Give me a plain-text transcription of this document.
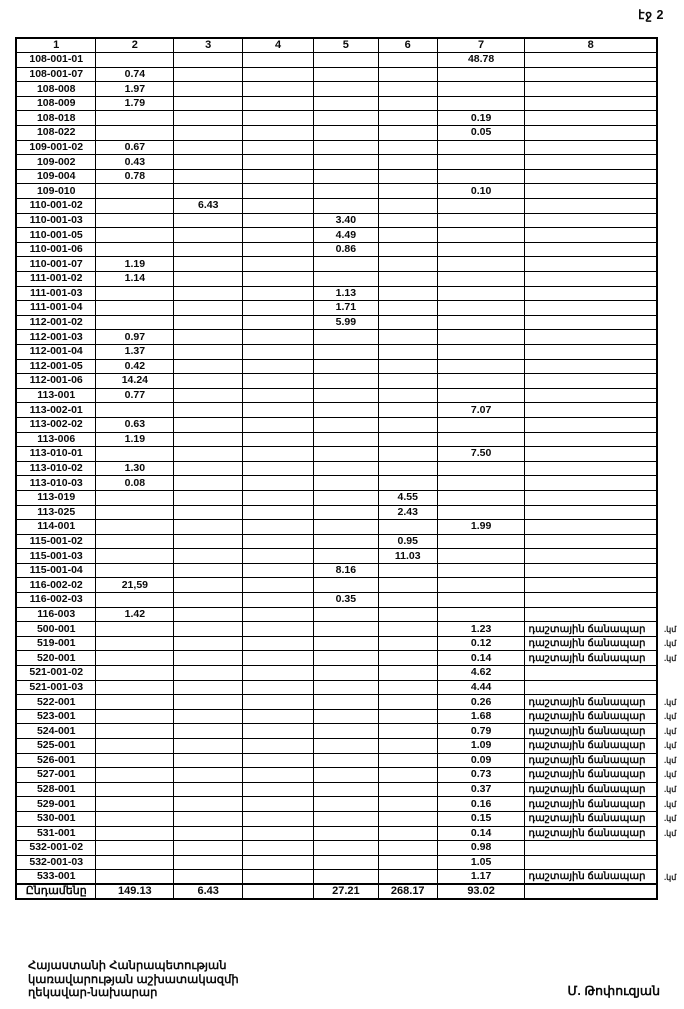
էջ 2
1	2	3	4	5	6	7	8	
108-001-01						48.78		
108-001-07	0.74							
108-008	1.97							
108-009	1.79							
108-018						0.19		
108-022						0.05		
109-001-02	0.67							
109-002	0.43							
109-004	0.78							
109-010						0.10		
110-001-02		6.43						
110-001-03				3.40				
110-001-05				4.49				
110-001-06				0.86				
110-001-07	1.19							
111-001-02	1.14							
111-001-03				1.13				
111-001-04				1.71				
112-001-02				5.99				
112-001-03	0.97							
112-001-04	1.37							
112-001-05	0.42							
112-001-06	14.24							
113-001	0.77							
113-002-01						7.07		
113-002-02	0.63							
113-006	1.19							
113-010-01						7.50		
113-010-02	1.30							
113-010-03	0.08							
113-019					4.55			
113-025					2.43			
114-001						1.99		
115-001-02					0.95			
115-001-03					11.03			
115-001-04				8.16				
116-002-02	21,59							
116-002-03				0.35				
116-003	1.42							
500-001						1.23	դաշտային ճանապար	.կմ
519-001						0.12	դաշտային ճանապար	.կմ
520-001						0.14	դաշտային ճանապար	.կմ
521-001-02						4.62		
521-001-03						4.44		
522-001						0.26	դաշտային ճանապար	.կմ
523-001						1.68	դաշտային ճանապար	.կմ
524-001						0.79	դաշտային ճանապար	.կմ
525-001						1.09	դաշտային ճանապար	.կմ
526-001						0.09	դաշտային ճանապար	.կմ
527-001						0.73	դաշտային ճանապար	.կմ
528-001						0.37	դաշտային ճանապար	.կմ
529-001						0.16	դաշտային ճանապար	.կմ
530-001						0.15	դաշտային ճանապար	.կմ
531-001						0.14	դաշտային ճանապար	.կմ
532-001-02						0.98		
532-001-03						1.05		
533-001						1.17	դաշտային ճանապար	.կմ
Ընդամենը	149.13	6.43		27.21	268.17	93.02		
Հայաստանի Հանրապետության
կառավարության աշխատակազմի
ղեկավար-նախարար	Մ. Թոփուզյան
